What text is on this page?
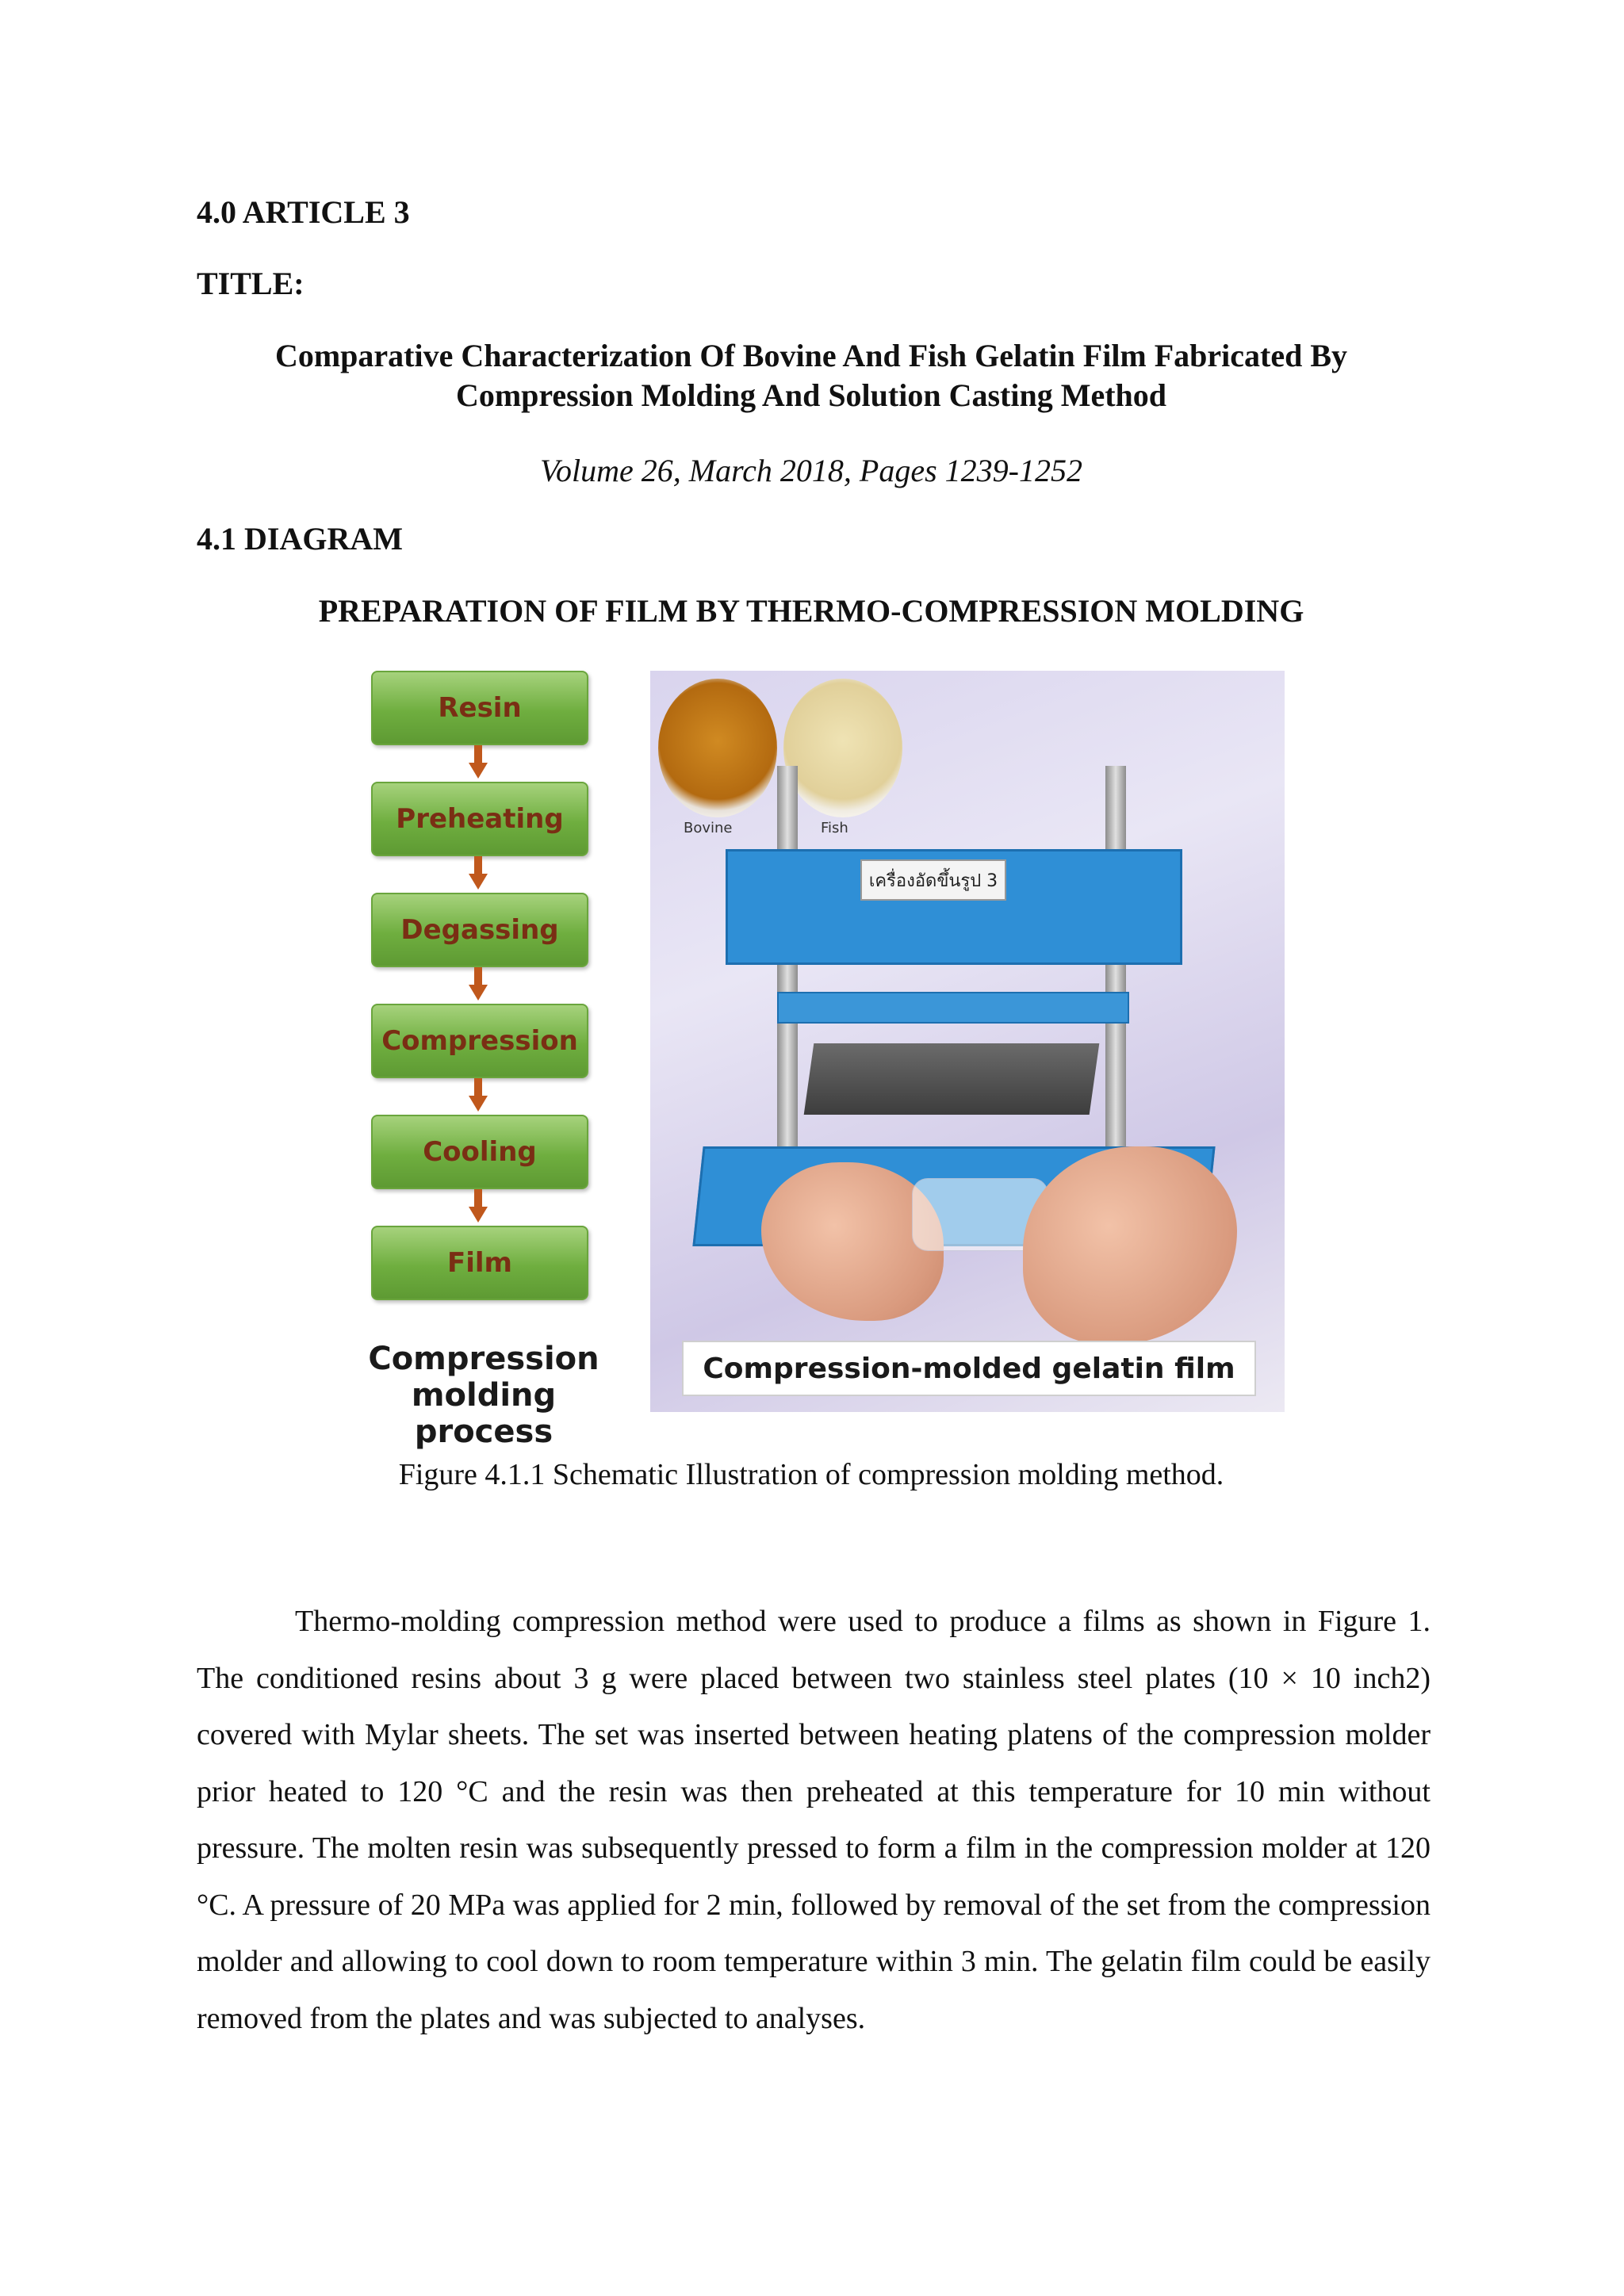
4.0 ARTICLE 3
TITLE:
Comparative Characterization Of Bovine And Fish Gelatin Film Fabricated By Compression Molding And Solution Casting Method
Volume 26, March 2018, Pages 1239-1252
4.1 DIAGRAM
PREPARATION OF FILM BY THERMO-COMPRESSION MOLDING
Resin
Preheating
Degassing
Compression
Cooling
Film
Compression molding process
Bovine	Fish
เครื่องอัดขึ้นรูป 3
Compression-molded gelatin film
Figure 4.1.1 Schematic Illustration of compression molding method.
Thermo-molding compression method were used to produce a films as shown in Figure 1. The conditioned resins about 3 g were placed between two stainless steel plates (10 × 10 inch2) covered with Mylar sheets. The set was inserted between heating platens of the compression molder prior heated to 120 °C and the resin was then preheated at this temperature for 10 min without pressure. The molten resin was subsequently pressed to form a film in the compression molder at 120 °C. A pressure of 20 MPa was applied for 2 min, followed by removal of the set from the compression molder and allowing to cool down to room temperature within 3 min. The gelatin film could be easily removed from the plates and was subjected to analyses.
